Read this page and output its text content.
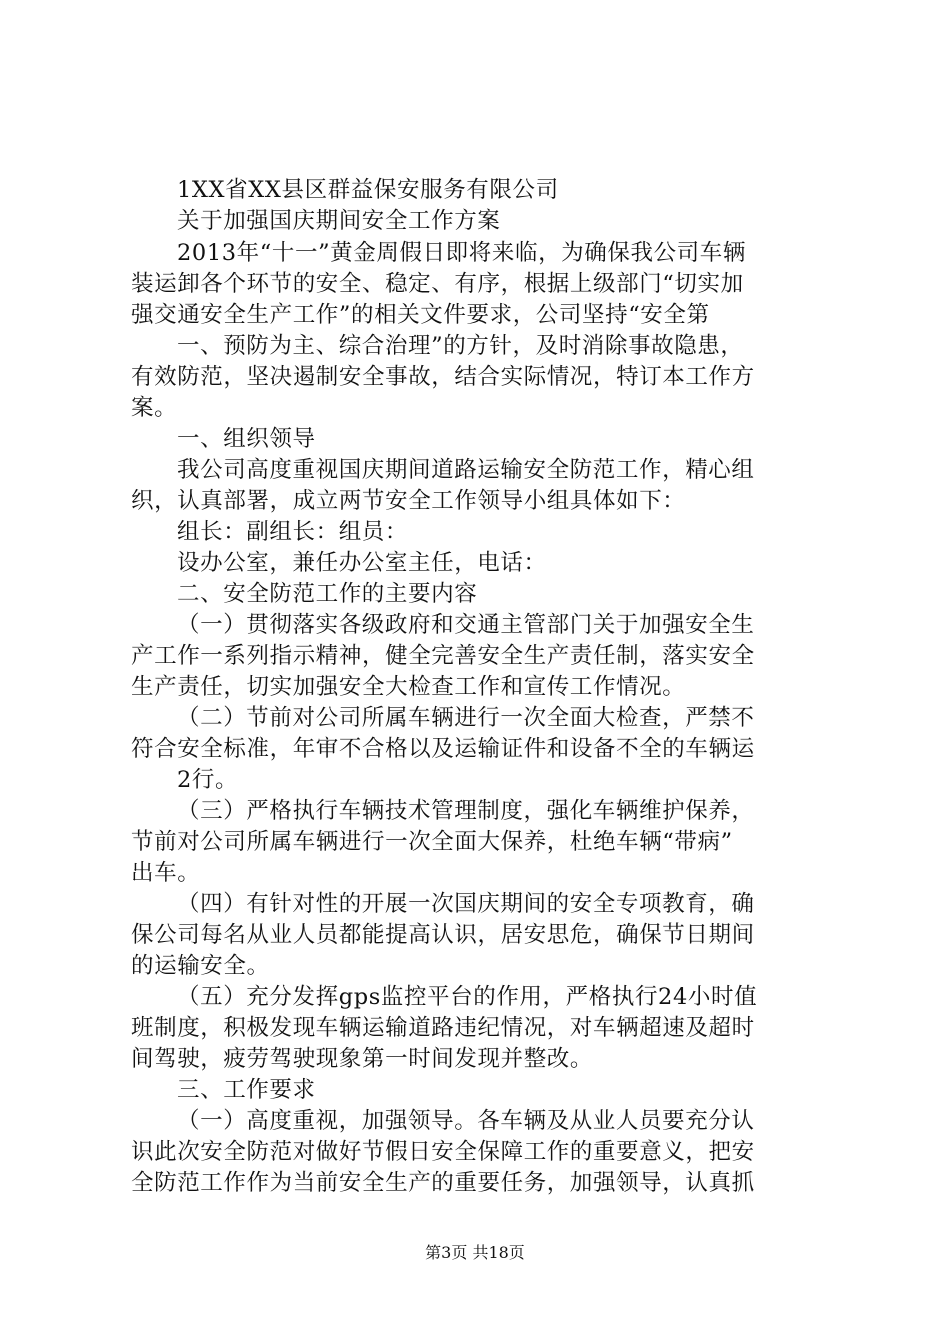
1XX省XX县区群益保安服务有限公司
关于加强国庆期间安全工作方案
2013年“十一”黄金周假日即将来临，为确保我公司车辆
装运卸各个环节的安全、稳定、有序，根据上级部门“切实加
强交通安全生产工作”的相关文件要求，公司坚持“安全第
一、预防为主、综合治理”的方针，及时消除事故隐患，
有效防范，坚决遏制安全事故，结合实际情况，特订本工作方
案。
一、组织领导
我公司高度重视国庆期间道路运输安全防范工作，精心组
织，认真部署，成立两节安全工作领导小组具体如下：
组长：副组长：组员：
设办公室，兼任办公室主任，电话：
二、安全防范工作的主要内容
（一）贯彻落实各级政府和交通主管部门关于加强安全生
产工作一系列指示精神，健全完善安全生产责任制，落实安全
生产责任，切实加强安全大检查工作和宣传工作情况。
（二）节前对公司所属车辆进行一次全面大检查，严禁不
符合安全标准，年审不合格以及运输证件和设备不全的车辆运
2行。
（三）严格执行车辆技术管理制度，强化车辆维护保养，
节前对公司所属车辆进行一次全面大保养，杜绝车辆“带病”
出车。
（四）有针对性的开展一次国庆期间的安全专项教育，确
保公司每名从业人员都能提高认识，居安思危，确保节日期间
的运输安全。
（五）充分发挥gps监控平台的作用，严格执行24小时值
班制度，积极发现车辆运输道路违纪情况，对车辆超速及超时
间驾驶，疲劳驾驶现象第一时间发现并整改。
三、工作要求
（一）高度重视，加强领导。各车辆及从业人员要充分认
识此次安全防范对做好节假日安全保障工作的重要意义，把安
全防范工作作为当前安全生产的重要任务，加强领导，认真抓
第3页 共18页
